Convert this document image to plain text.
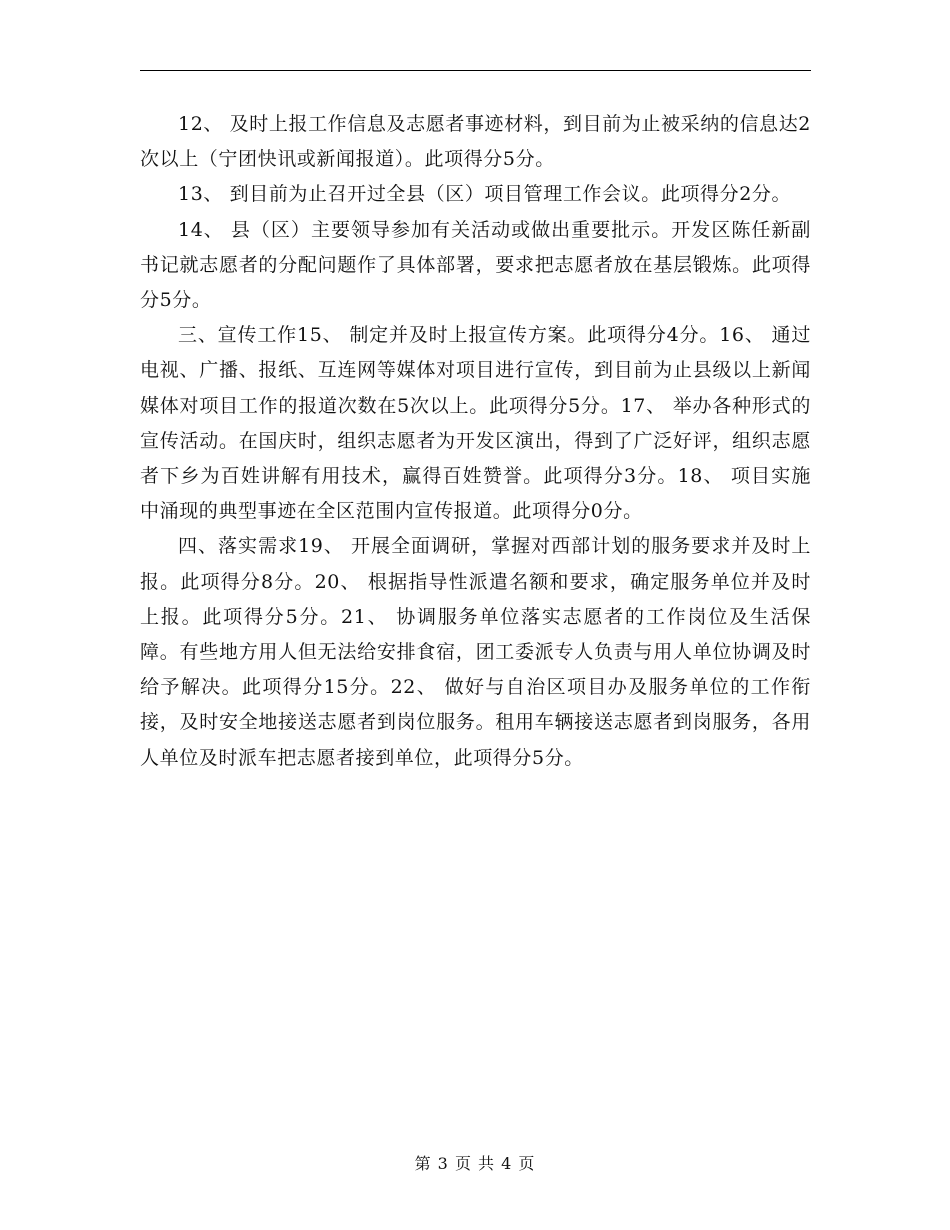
12、 及时上报工作信息及志愿者事迹材料，到目前为止被采纳的信息达2次以上（宁团快讯或新闻报道）。此项得分5分。

13、 到目前为止召开过全县（区）项目管理工作会议。此项得分2分。

14、 县（区）主要领导参加有关活动或做出重要批示。开发区陈任新副书记就志愿者的分配问题作了具体部署，要求把志愿者放在基层锻炼。此项得分5分。

三、宣传工作15、 制定并及时上报宣传方案。此项得分4分。16、 通过电视、广播、报纸、互连网等媒体对项目进行宣传，到目前为止县级以上新闻媒体对项目工作的报道次数在5次以上。此项得分5分。17、 举办各种形式的宣传活动。在国庆时，组织志愿者为开发区演出，得到了广泛好评，组织志愿者下乡为百姓讲解有用技术，赢得百姓赞誉。此项得分3分。18、 项目实施中涌现的典型事迹在全区范围内宣传报道。此项得分0分。

四、落实需求19、 开展全面调研，掌握对西部计划的服务要求并及时上报。此项得分8分。20、 根据指导性派遣名额和要求，确定服务单位并及时上报。此项得分5分。21、 协调服务单位落实志愿者的工作岗位及生活保障。有些地方用人但无法给安排食宿，团工委派专人负责与用人单位协调及时给予解决。此项得分15分。22、 做好与自治区项目办及服务单位的工作衔接，及时安全地接送志愿者到岗位服务。租用车辆接送志愿者到岗服务，各用人单位及时派车把志愿者接到单位，此项得分5分。

第 3 页 共 4 页
